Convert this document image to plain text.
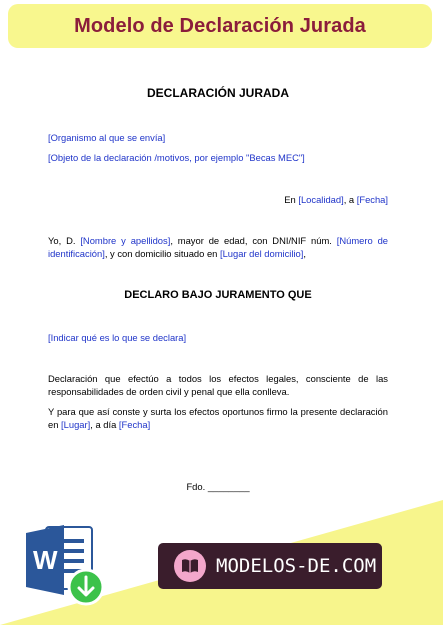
Modelo de Declaración Jurada
DECLARACIÓN JURADA
[Organismo al que se envía]
[Objeto de la declaración /motivos, por ejemplo "Becas MEC"]
En [Localidad], a [Fecha]
Yo, D. [Nombre y apellidos], mayor de edad, con DNI/NIF núm. [Número de identificación], y con domicilio situado en [Lugar del domicilio],
DECLARO BAJO JURAMENTO QUE
[Indicar qué es lo que se declara]
Declaración que efectúo a todos los efectos legales, consciente de las responsabilidades de orden civil y penal que ella conlleva.
Y para que así conste y surta los efectos oportunos firmo la presente declaración en [Lugar], a día [Fecha]
Fdo. ________
W	MODELOS-DE.COM
